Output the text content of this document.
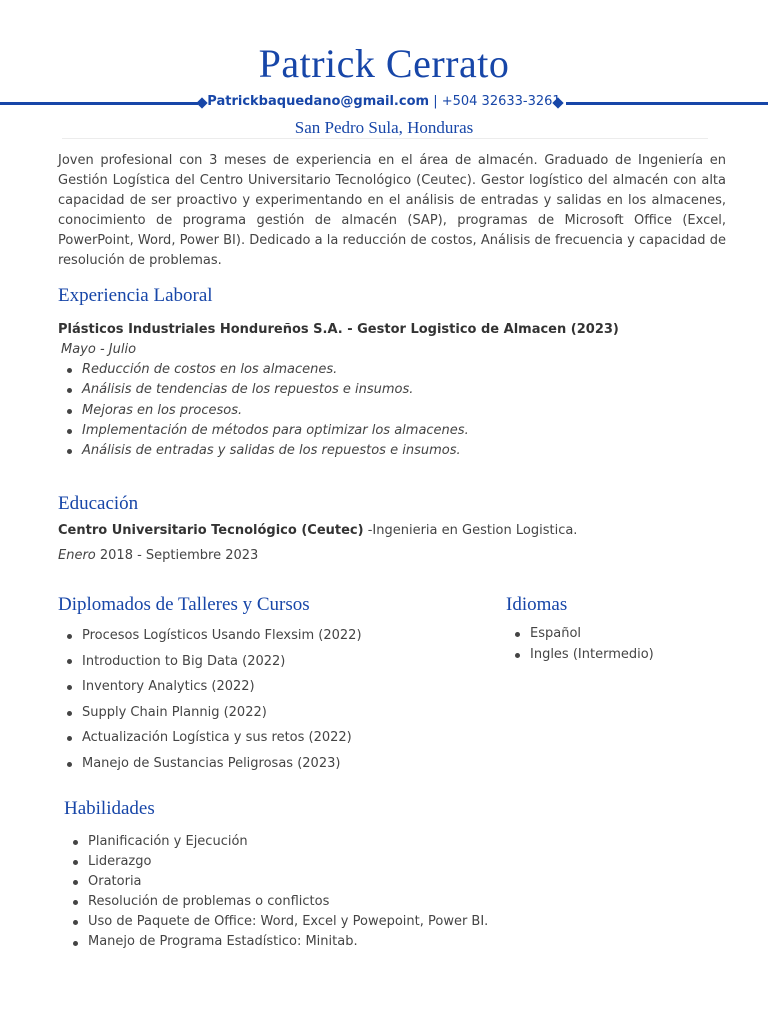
Patrick Cerrato
Patrickbaquedano@gmail.com | +504 32633-3261
San Pedro Sula, Honduras
Joven profesional con 3 meses de experiencia en el área de almacén. Graduado de Ingeniería en Gestión Logística del Centro Universitario Tecnológico (Ceutec). Gestor logístico del almacén con alta capacidad de ser proactivo y experimentando en el análisis de entradas y salidas en los almacenes, conocimiento de programa gestión de almacén (SAP), programas de Microsoft Office (Excel, PowerPoint, Word, Power BI). Dedicado a la reducción de costos, Análisis de frecuencia y capacidad de resolución de problemas.
Experiencia Laboral
Plásticos Industriales Hondureños S.A. - Gestor Logistico de Almacen (2023)
Mayo - Julio
Reducción de costos en los almacenes.
Análisis de tendencias de los repuestos e insumos.
Mejoras en los procesos.
Implementación de métodos para optimizar los almacenes.
Análisis de entradas y salidas de los repuestos e insumos.
Educación
Centro Universitario Tecnológico (Ceutec) -Ingenieria en Gestion Logistica.
Enero 2018 - Septiembre 2023
Diplomados de Talleres y Cursos
Procesos Logísticos Usando Flexsim (2022)
Introduction to Big Data (2022)
Inventory Analytics (2022)
Supply Chain Plannig (2022)
Actualización Logística y sus retos (2022)
Manejo de Sustancias Peligrosas (2023)
Idiomas
Español
Ingles (Intermedio)
Habilidades
Planificación y Ejecución
Liderazgo
Oratoria
Resolución de problemas o conflictos
Uso de Paquete de Office: Word, Excel y Powepoint, Power BI.
Manejo de Programa Estadístico: Minitab.
